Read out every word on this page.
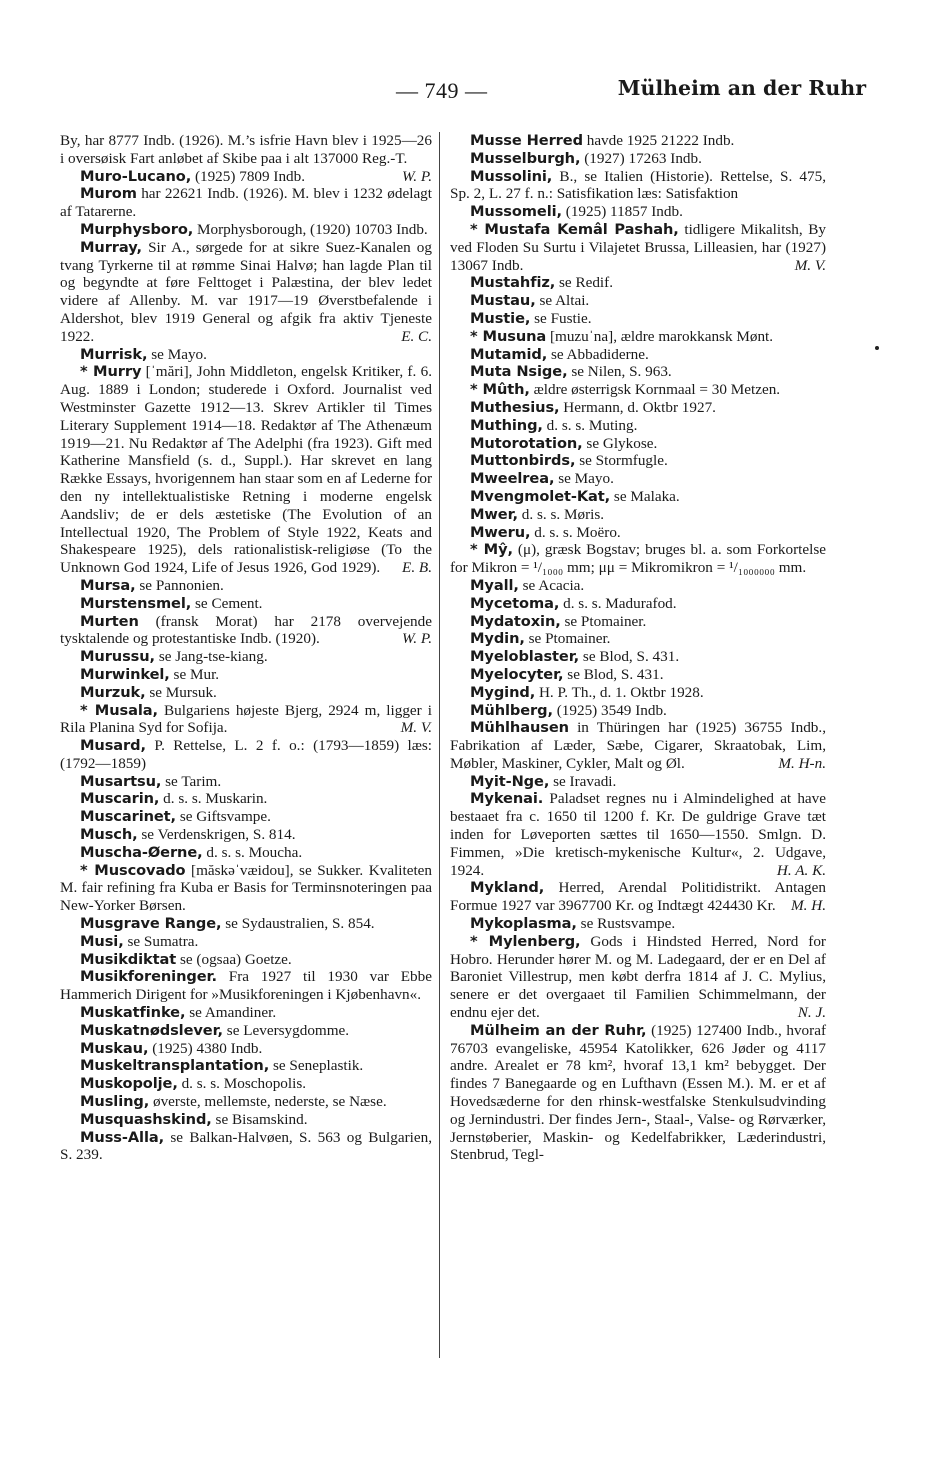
— 749 —	Mülheim an der Ruhr

By, har 8777 Indb. (1926). M.’s isfrie Havn blev i 1925—26 i oversøisk Fart anløbet af Skibe paa i alt 137000 Reg.-T.
W. P.

Muro-Lucano, (1925) 7809 Indb.

Murom har 22621 Indb. (1926). M. blev i 1232 ødelagt af Tatarerne.

Murphysboro, Morphysborough, (1920) 10703 Indb.

Murray, Sir A., sørgede for at sikre Suez-Kanalen og tvang Tyrkerne til at rømme Sinai Halvø; han lagde Plan til og begyndte at føre Felttoget i Palæstina, der blev ledet videre af Allenby. M. var 1917—19 Øverstbefalende i Aldershot, blev 1919 General og afgik fra aktiv Tjeneste 1922.	E. C.

Murrisk, se Mayo.

* Murry [ˈmări], John Middleton, engelsk Kritiker, f. 6. Aug. 1889 i London; studerede i Oxford. Journalist ved Westminster Gazette 1912—13. Skrev Artikler til Times Literary Supplement 1914—18. Redaktør af The Athenæum 1919—21. Nu Redaktør af The Adelphi (fra 1923). Gift med Katherine Mansfield (s. d., Suppl.). Har skrevet en lang Række Essays, hvorigennem han staar som en af Lederne for den ny intellektualistiske Retning i moderne engelsk Aandsliv; de er dels æstetiske (The Evolution of an Intellectual 1920, The Problem of Style 1922, Keats and Shakespeare 1925), dels rationalistisk-religiøse (To the Unknown God 1924, Life of Jesus 1926, God 1929).	E. B.

Mursa, se Pannonien.

Murstensmel, se Cement.

Murten (fransk Morat) har 2178 overvejende tysktalende og protestantiske Indb. (1920).	W. P.

Murussu, se Jang-tse-kiang.

Murwinkel, se Mur.

Murzuk, se Mursuk.

* Musala, Bulgariens højeste Bjerg, 2924 m, ligger i Rila Planina Syd for Sofija.	M. V.

Musard, P. Rettelse, L. 2 f. o.: (1793—1859) læs: (1792—1859)

Musartsu, se Tarim.

Muscarin, d. s. s. Muskarin.

Muscarinet, se Giftsvampe.

Musch, se Verdenskrigen, S. 814.

Muscha-Øerne, d. s. s. Moucha.

* Muscovado [măskəˈvæidou], se Sukker. Kvaliteten M. fair refining fra Kuba er Basis for Terminsnoteringen paa New-Yorker Børsen.

Musgrave Range, se Sydaustralien, S. 854.

Musi, se Sumatra.

Musikdiktat se (ogsaa) Goetze.

Musikforeninger. Fra 1927 til 1930 var Ebbe Hammerich Dirigent for »Musikforeningen i Kjøbenhavn«.

Muskatfinke, se Amandiner.

Muskatnødslever, se Leversygdomme.

Muskau, (1925) 4380 Indb.

Muskeltransplantation, se Seneplastik.

Muskopolje, d. s. s. Moschopolis.

Musling, øverste, mellemste, nederste, se Næse.

Musquashskind, se Bisamskind.

Muss-Alla, se Balkan-Halvøen, S. 563 og Bulgarien, S. 239.

Musse Herred havde 1925 21222 Indb.

Musselburgh, (1927) 17263 Indb.

Mussolini, B., se Italien (Historie). Rettelse, S. 475, Sp. 2, L. 27 f. n.: Satisfikation læs: Satisfaktion

Mussomeli, (1925) 11857 Indb.

* Mustafa Kemâl Pashah, tidligere Mikalitsh, By ved Floden Su Surtu i Vilajetet Brussa, Lilleasien, har (1927) 13067 Indb.	M. V.

Mustahfiz, se Redif.

Mustau, se Altai.

Mustie, se Fustie.

* Musuna [muzuˈna], ældre marokkansk Mønt.

Mutamid, se Abbadiderne.

Muta Nsige, se Nilen, S. 963.

* Mûth, ældre østerrigsk Kornmaal = 30 Metzen.

Muthesius, Hermann, d. Oktbr 1927.

Muthing, d. s. s. Muting.

Mutorotation, se Glykose.

Muttonbirds, se Stormfugle.

Mweelrea, se Mayo.

Mvengmolet-Kat, se Malaka.

Mwer, d. s. s. Møris.

Mweru, d. s. s. Moëro.

* Mŷ, (μ), græsk Bogstav; bruges bl. a. som Forkortelse for Mikron = ¹/₁₀₀₀ mm; μμ = Mikromikron = ¹/₁₀₀₀₀₀₀ mm.

Myall, se Acacia.

Mycetoma, d. s. s. Madurafod.

Mydatoxin, se Ptomainer.

Mydin, se Ptomainer.

Myeloblaster, se Blod, S. 431.

Myelocyter, se Blod, S. 431.

Mygind, H. P. Th., d. 1. Oktbr 1928.

Mühlberg, (1925) 3549 Indb.

Mühlhausen in Thüringen har (1925) 36755 Indb., Fabrikation af Læder, Sæbe, Cigarer, Skraatobak, Lim, Møbler, Maskiner, Cykler, Malt og Øl.	M. H-n.

Myit-Nge, se Iravadi.

Mykenai. Paladset regnes nu i Almindelighed at have bestaaet fra c. 1650 til 1200 f. Kr. De guldrige Grave tæt inden for Løveporten sættes til 1650—1550. Smlgn. D. Fimmen, »Die kretisch-mykenische Kultur«, 2. Udgave, 1924.	H. A. K.

Mykland, Herred, Arendal Politidistrikt. Antagen Formue 1927 var 3967700 Kr. og Indtægt 424430 Kr.	M. H.

Mykoplasma, se Rustsvampe.

* Mylenberg, Gods i Hindsted Herred, Nord for Hobro. Herunder hører M. og M. Ladegaard, der er en Del af Baroniet Villestrup, men købt derfra 1814 af J. C. Mylius, senere er det overgaaet til Familien Schimmelmann, der endnu ejer det.	N. J.

Mülheim an der Ruhr, (1925) 127400 Indb., hvoraf 76703 evangeliske, 45954 Katolikker, 626 Jøder og 4117 andre. Arealet er 78 km², hvoraf 13,1 km² bebygget. Der findes 7 Banegaarde og en Lufthavn (Essen M.). M. er et af Hovedsæderne for den rhinsk-westfalske Stenkulsudvinding og Jernindustri. Der findes Jern-, Staal-, Valse- og Rørværker, Jernstøberier, Maskin- og Kedelfabrikker, Læderindustri, Stenbrud, Tegl-
